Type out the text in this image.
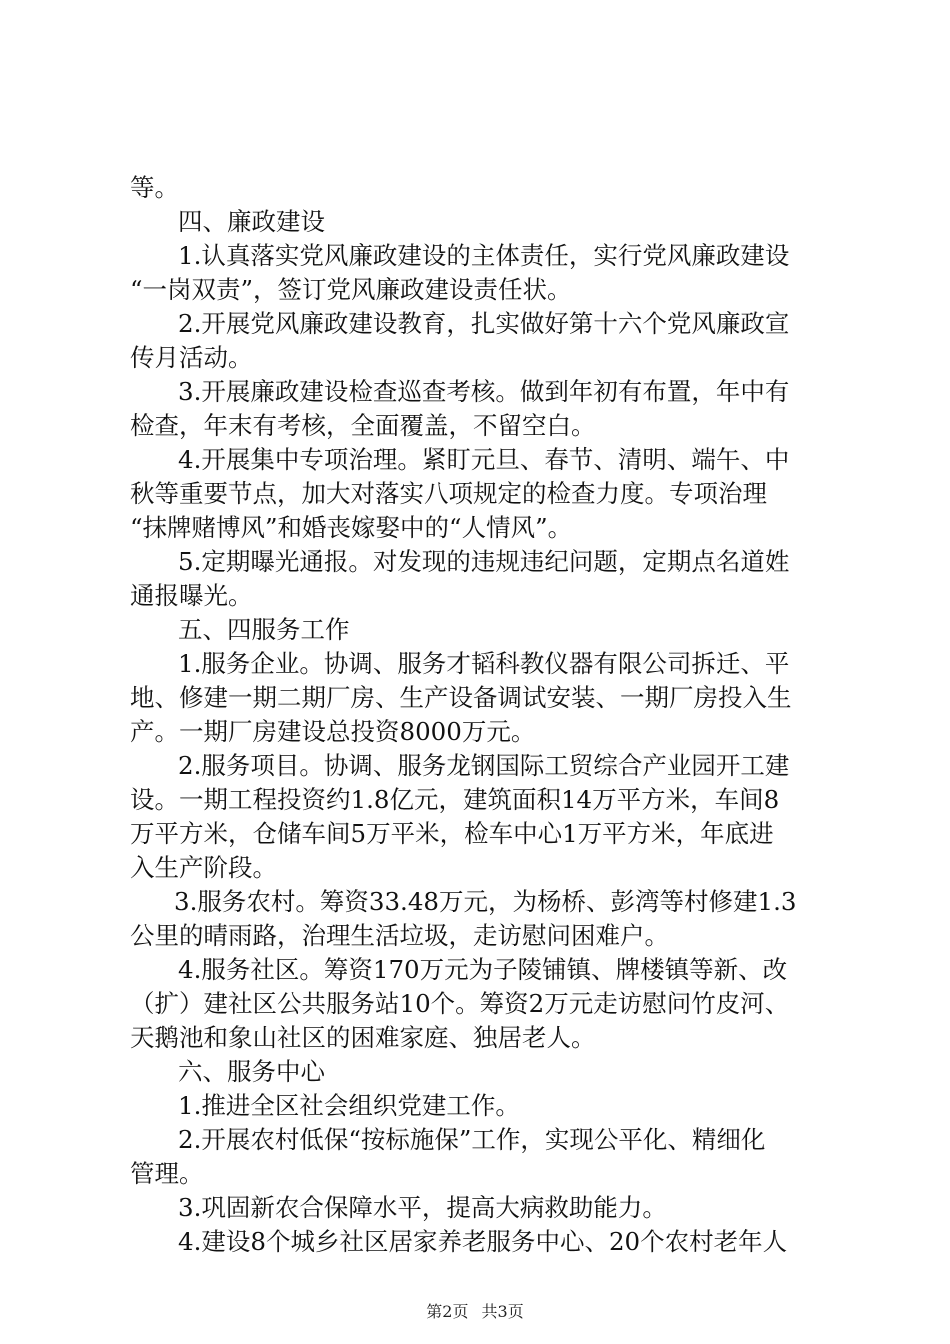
等。
四、廉政建设
1.认真落实党风廉政建设的主体责任，实行党风廉政建设
“一岗双责”，签订党风廉政建设责任状。
2.开展党风廉政建设教育，扎实做好第十六个党风廉政宣
传月活动。
3.开展廉政建设检查巡查考核。做到年初有布置，年中有
检查，年末有考核，全面覆盖，不留空白。
4.开展集中专项治理。紧盯元旦、春节、清明、端午、中
秋等重要节点，加大对落实八项规定的检查力度。专项治理
“抹牌赌博风”和婚丧嫁娶中的“人情风”。
5.定期曝光通报。对发现的违规违纪问题，定期点名道姓
通报曝光。
五、四服务工作
1.服务企业。协调、服务才韬科教仪器有限公司拆迁、平
地、修建一期二期厂房、生产设备调试安装、一期厂房投入生
产。一期厂房建设总投资8000万元。
2.服务项目。协调、服务龙钢国际工贸综合产业园开工建
设。一期工程投资约1.8亿元，建筑面积14万平方米，车间8
万平方米，仓储车间5万平米，检车中心1万平方米，年底进
入生产阶段。
3.服务农村。筹资33.48万元，为杨桥、彭湾等村修建1.3
公里的晴雨路，治理生活垃圾，走访慰问困难户。
4.服务社区。筹资170万元为子陵铺镇、牌楼镇等新、改
（扩）建社区公共服务站10个。筹资2万元走访慰问竹皮河、
天鹅池和象山社区的困难家庭、独居老人。
六、服务中心
1.推进全区社会组织党建工作。
2.开展农村低保“按标施保”工作，实现公平化、精细化
管理。
3.巩固新农合保障水平，提高大病救助能力。
4.建设8个城乡社区居家养老服务中心、20个农村老年人
第2页 共3页
